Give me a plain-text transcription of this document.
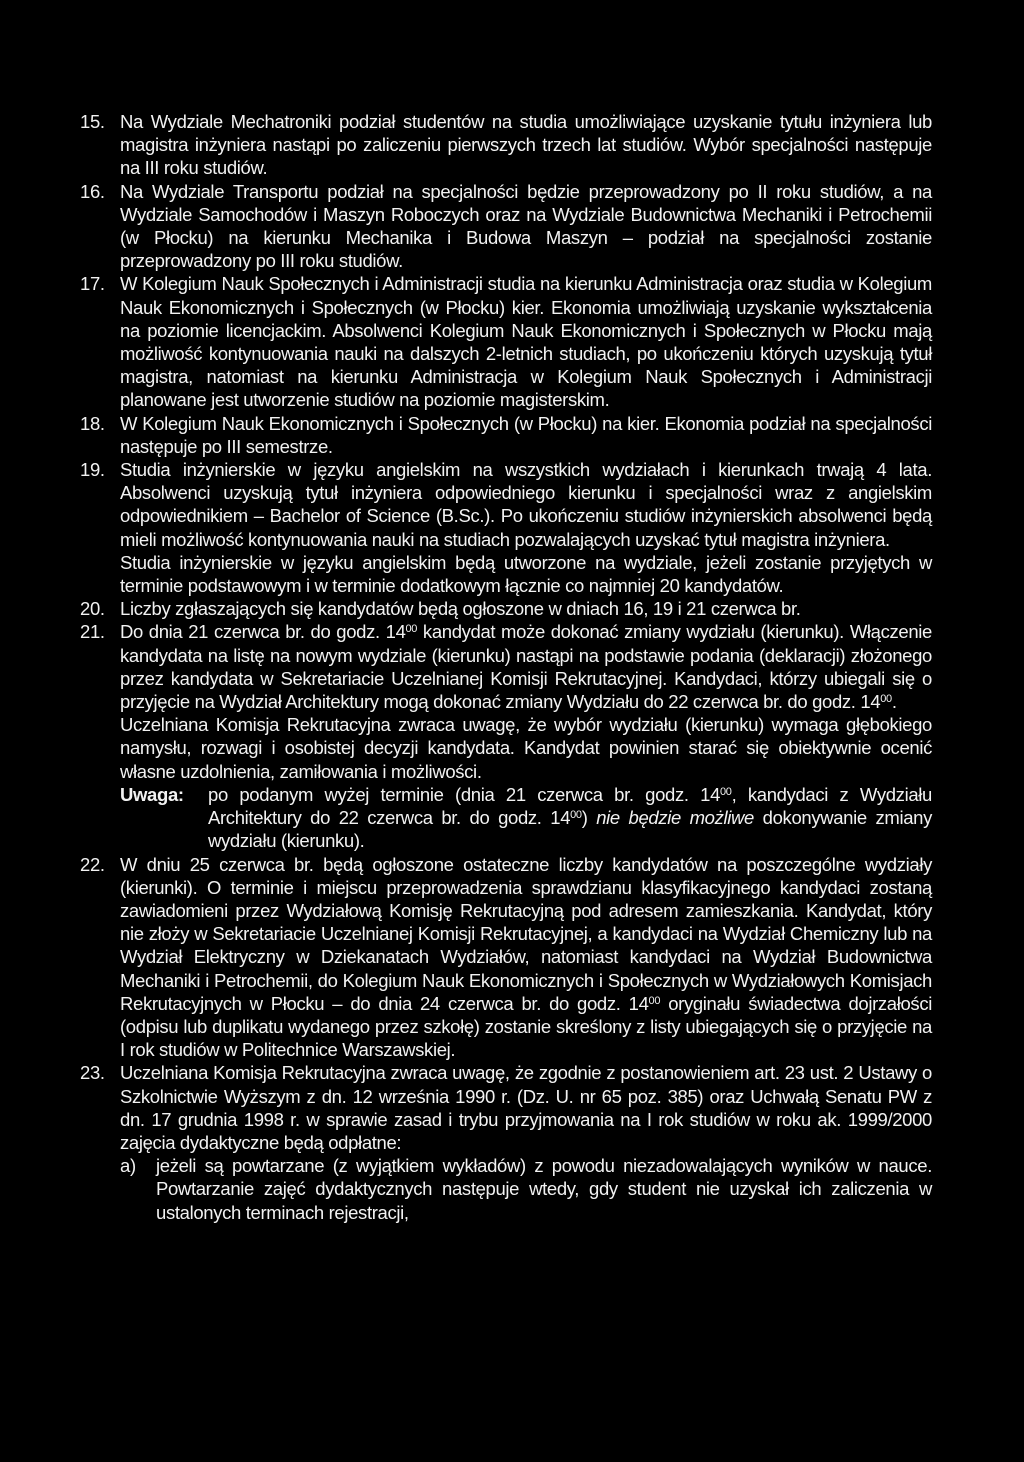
15. Na Wydziale Mechatroniki podział studentów na studia umożliwiające uzyskanie tytułu inżyniera lub magistra inżyniera nastąpi po zaliczeniu pierwszych trzech lat studiów. Wybór specjalności następuje na III roku studiów.
16. Na Wydziale Transportu podział na specjalności będzie przeprowadzony po II roku studiów, a na Wydziale Samochodów i Maszyn Roboczych oraz na Wydziale Budownictwa Mechaniki i Petrochemii (w Płocku) na kierunku Mechanika i Budowa Maszyn – podział na specjalności zostanie przeprowadzony po III roku studiów.
17. W Kolegium Nauk Społecznych i Administracji studia na kierunku Administracja oraz studia w Kolegium Nauk Ekonomicznych i Społecznych (w Płocku) kier. Ekonomia umożliwiają uzyskanie wykształcenia na poziomie licencjackim. Absolwenci Kolegium Nauk Ekonomicznych i Społecznych w Płocku mają możliwość kontynuowania nauki na dalszych 2-letnich studiach, po ukończeniu których uzyskują tytuł magistra, natomiast na kierunku Administracja w Kolegium Nauk Społecznych i Administracji planowane jest utworzenie studiów na poziomie magisterskim.
18. W Kolegium Nauk Ekonomicznych i Społecznych (w Płocku) na kier. Ekonomia podział na specjalności następuje po III semestrze.
19. Studia inżynierskie w języku angielskim na wszystkich wydziałach i kierunkach trwają 4 lata. Absolwenci uzyskują tytuł inżyniera odpowiedniego kierunku i specjalności wraz z angielskim odpowiednikiem – Bachelor of Science (B.Sc.). Po ukończeniu studiów inżynierskich absolwenci będą mieli możliwość kontynuowania nauki na studiach pozwalających uzyskać tytuł magistra inżyniera.
Studia inżynierskie w języku angielskim będą utworzone na wydziale, jeżeli zostanie przyjętych w terminie podstawowym i w terminie dodatkowym łącznie co najmniej 20 kandydatów.
20. Liczby zgłaszających się kandydatów będą ogłoszone w dniach 16, 19 i 21 czerwca br.
21. Do dnia 21 czerwca br. do godz. $14^{00}$ kandydat może dokonać zmiany wydziału (kierunku). Włączenie kandydata na listę na nowym wydziale (kierunku) nastąpi na podstawie podania (deklaracji) złożonego przez kandydata w Sekretariacie Uczelnianej Komisji Rekrutacyjnej. Kandydaci, którzy ubiegali się o przyjęcie na Wydział Architektury mogą dokonać zmiany Wydziału do 22 czerwca br. do godz. $14^{00}$.
Uczelniana Komisja Rekrutacyjna zwraca uwagę, że wybór wydziału (kierunku) wymaga głębokiego namysłu, rozwagi i osobistej decyzji kandydata. Kandydat powinien starać się obiektywnie ocenić własne uzdolnienia, zamiłowania i możliwości.
Uwaga: po podanym wyżej terminie (dnia 21 czerwca br. godz. $14^{00}$, kandydaci z Wydziału Architektury do 22 czerwca br. do godz. $14^{00}$) nie będzie możliwe dokonywanie zmiany wydziału (kierunku).
22. W dniu 25 czerwca br. będą ogłoszone ostateczne liczby kandydatów na poszczególne wydziały (kierunki). O terminie i miejscu przeprowadzenia sprawdzianu klasyfikacyjnego kandydaci zostaną zawiadomieni przez Wydziałową Komisję Rekrutacyjną pod adresem zamieszkania. Kandydat, który nie złoży w Sekretariacie Uczelnianej Komisji Rekrutacyjnej, a kandydaci na Wydział Chemiczny lub na Wydział Elektryczny w Dziekanatach Wydziałów, natomiast kandydaci na Wydział Budownictwa Mechaniki i Petrochemii, do Kolegium Nauk Ekonomicznych i Społecznych w Wydziałowych Komisjach Rekrutacyjnych w Płocku – do dnia 24 czerwca br. do godz. $14^{00}$ oryginału świadectwa dojrzałości (odpisu lub duplikatu wydanego przez szkołę) zostanie skreślony z listy ubiegających się o przyjęcie na I rok studiów w Politechnice Warszawskiej.
23. Uczelniana Komisja Rekrutacyjna zwraca uwagę, że zgodnie z postanowieniem art. 23 ust. 2 Ustawy o Szkolnictwie Wyższym z dn. 12 września 1990 r. (Dz. U. nr 65 poz. 385) oraz Uchwałą Senatu PW z dn. 17 grudnia 1998 r. w sprawie zasad i trybu przyjmowania na I rok studiów w roku ak. 1999/2000 zajęcia dydaktyczne będą odpłatne:
a) jeżeli są powtarzane (z wyjątkiem wykładów) z powodu niezadowalających wyników w nauce. Powtarzanie zajęć dydaktycznych następuje wtedy, gdy student nie uzyskał ich zaliczenia w ustalonych terminach rejestracji,
